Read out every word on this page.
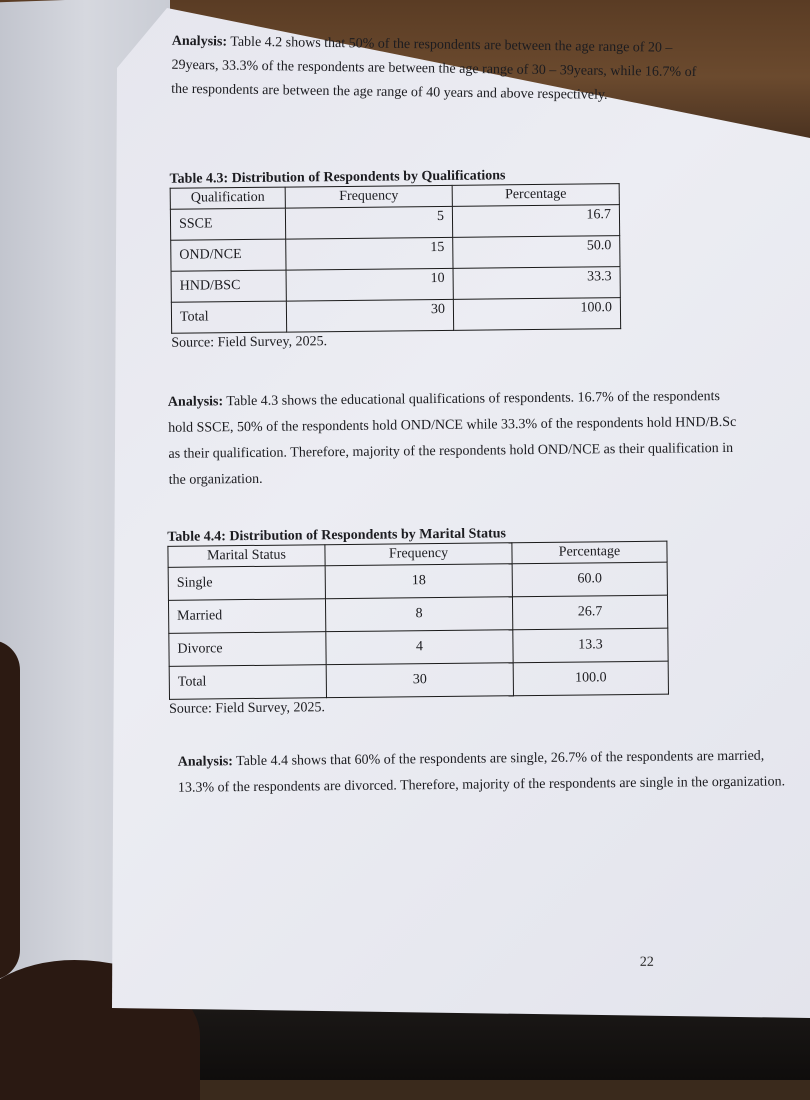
Analysis: Table 4.2 shows that 50% of the respondents are between the age range of 20 – 29years, 33.3% of the respondents are between the age range of 30 – 39years, while 16.7% of the respondents are between the age range of 40 years and above respectively.

Table 4.3: Distribution of Respondents by Qualifications

Qualification	Frequency	Percentage
SSCE	5	16.7
OND/NCE	15	50.0
HND/BSC	10	33.3
Total	30	100.0

Source: Field Survey, 2025.

Analysis: Table 4.3 shows the educational qualifications of respondents. 16.7% of the respondents hold SSCE, 50% of the respondents hold OND/NCE while 33.3% of the respondents hold HND/B.Sc as their qualification. Therefore, majority of the respondents hold OND/NCE as their qualification in the organization.

Table 4.4: Distribution of Respondents by Marital Status

Marital Status	Frequency	Percentage
Single	18	60.0
Married	8	26.7
Divorce	4	13.3
Total	30	100.0

Source: Field Survey, 2025.

Analysis: Table 4.4 shows that 60% of the respondents are single, 26.7% of the respondents are married, 13.3% of the respondents are divorced. Therefore, majority of the respondents are single in the organization.

22
